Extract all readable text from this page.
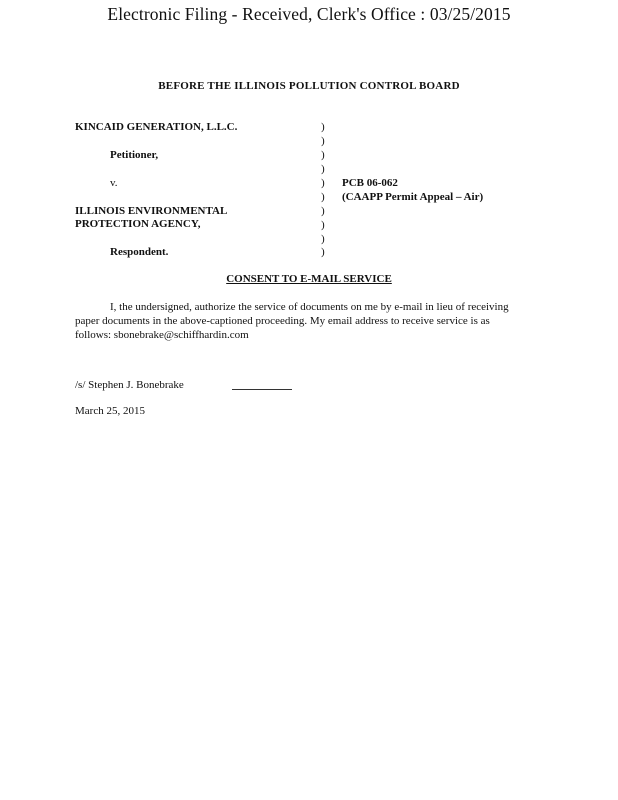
Electronic Filing - Received, Clerk's Office : 03/25/2015
BEFORE THE ILLINOIS POLLUTION CONTROL BOARD
KINCAID GENERATION, L.L.C.
Petitioner,
v.
ILLINOIS ENVIRONMENTAL
PROTECTION AGENCY,
Respondent.
)
)
)
)
)
)
)
)
)
)
PCB 06-062
(CAAPP Permit Appeal – Air)
CONSENT TO E-MAIL SERVICE
I, the undersigned, authorize the service of documents on me by e-mail in lieu of receiving paper documents in the above-captioned proceeding. My email address to receive service is as follows: sbonebrake@schiffhardin.com
/s/ Stephen J. Bonebrake
March 25, 2015
